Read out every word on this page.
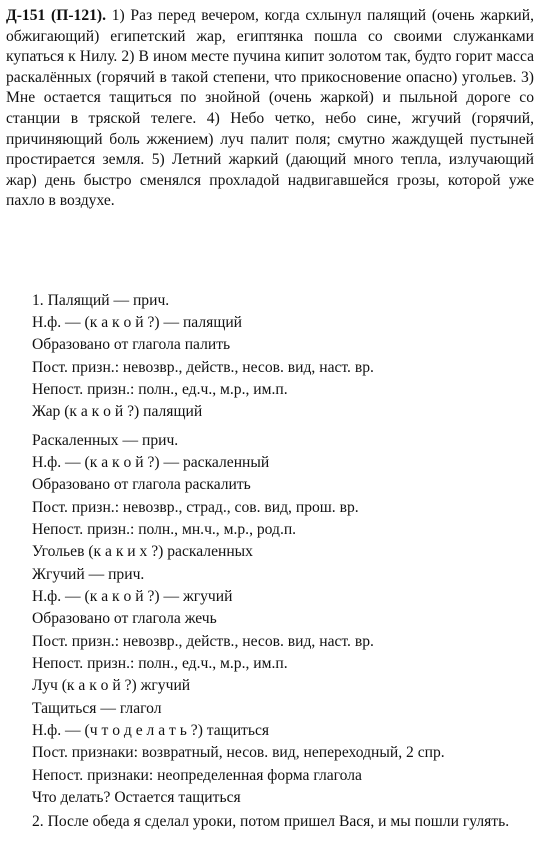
Д-151 (П-121). 1) Раз перед вечером, когда схлынул палящий (очень жаркий, обжигающий) египетский жар, египтянка пошла со своими служанками купаться к Нилу. 2) В ином месте пучина кипит золотом так, будто горит масса раскалённых (горячий в такой степени, что прикосновение опасно) угольев. 3) Мне остается тащиться по знойной (очень жаркой) и пыльной дороге со станции в тряской телеге. 4) Небо четко, небо сине, жгучий (горячий, причиняющий боль жжением) луч палит поля; смутно жаждущей пустыней простирается земля. 5) Летний жаркий (дающий много тепла, излучающий жар) день быстро сменялся прохладой надвигавшейся грозы, которой уже пахло в воздухе.

1. Палящий — прич.
Н.ф. — (к а к о й ?) — палящий
Образовано от глагола палить
Пост. призн.: невозвр., действ., несов. вид, наст. вр.
Непост. призн.: полн., ед.ч., м.р., им.п.
Жар (к а к о й ?) палящий
Раскаленных — прич.
Н.ф. — (к а к о й ?) — раскаленный
Образовано от глагола раскалить
Пост. призн.: невозвр., страд., сов. вид, прош. вр.
Непост. призн.: полн., мн.ч., м.р., род.п.
Угольев (к а к и х ?) раскаленных
Жгучий — прич.
Н.ф. — (к а к о й ?) — жгучий
Образовано от глагола жечь
Пост. призн.: невозвр., действ., несов. вид, наст. вр.
Непост. призн.: полн., ед.ч., м.р., им.п.
Луч (к а к о й ?) жгучий
Тащиться — глагол
Н.ф. — (ч т о д е л а т ь ?) тащиться
Пост. признаки: возвратный, несов. вид, непереходный, 2 спр.
Непост. признаки: неопределенная форма глагола
Что делать? Остается тащиться

2. После обеда я сделал уроки, потом пришел Вася, и мы пошли гулять.
